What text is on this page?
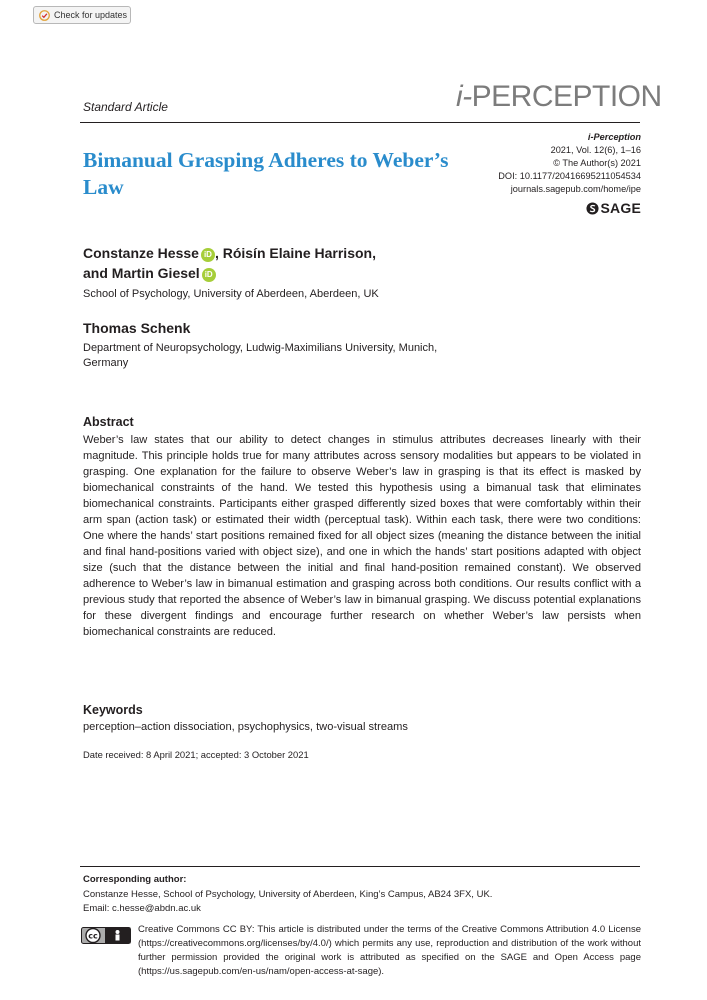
Check for updates
Standard Article	i-PERCEPTION
Bimanual Grasping Adheres to Weber’s Law
i-Perception
2021, Vol. 12(6), 1–16
© The Author(s) 2021
DOI: 10.1177/20416695211054534
journals.sagepub.com/home/ipe
SAGE
Constanze Hesse iD , Róisín Elaine Harrison,
and Martin Giesel iD
School of Psychology, University of Aberdeen, Aberdeen, UK
Thomas Schenk
Department of Neuropsychology, Ludwig-Maximilians University, Munich, Germany
Abstract
Weber’s law states that our ability to detect changes in stimulus attributes decreases linearly with their magnitude. This principle holds true for many attributes across sensory modalities but appears to be violated in grasping. One explanation for the failure to observe Weber’s law in grasping is that its effect is masked by biomechanical constraints of the hand. We tested this hypothesis using a bimanual task that eliminates biomechanical constraints. Participants either grasped differently sized boxes that were comfortably within their arm span (action task) or estimated their width (perceptual task). Within each task, there were two conditions: One where the hands’ start positions remained fixed for all object sizes (meaning the distance between the initial and final hand-positions varied with object size), and one in which the hands’ start positions adapted with object size (such that the distance between the initial and final hand-position remained constant). We observed adherence to Weber’s law in bimanual estimation and grasping across both conditions. Our results conflict with a previous study that reported the absence of Weber’s law in bimanual grasping. We discuss potential explanations for these divergent findings and encourage further research on whether Weber’s law persists when biomechanical constraints are reduced.
Keywords
perception–action dissociation, psychophysics, two-visual streams
Date received: 8 April 2021; accepted: 3 October 2021
Corresponding author:
Constanze Hesse, School of Psychology, University of Aberdeen, King’s Campus, AB24 3FX, UK.
Email: c.hesse@abdn.ac.uk
cc
Creative Commons CC BY: This article is distributed under the terms of the Creative Commons Attribution 4.0 License (https://creativecommons.org/licenses/by/4.0/) which permits any use, reproduction and distribution of the work without further permission provided the original work is attributed as specified on the SAGE and Open Access page (https://us.sagepub.com/en-us/nam/open-access-at-sage).
